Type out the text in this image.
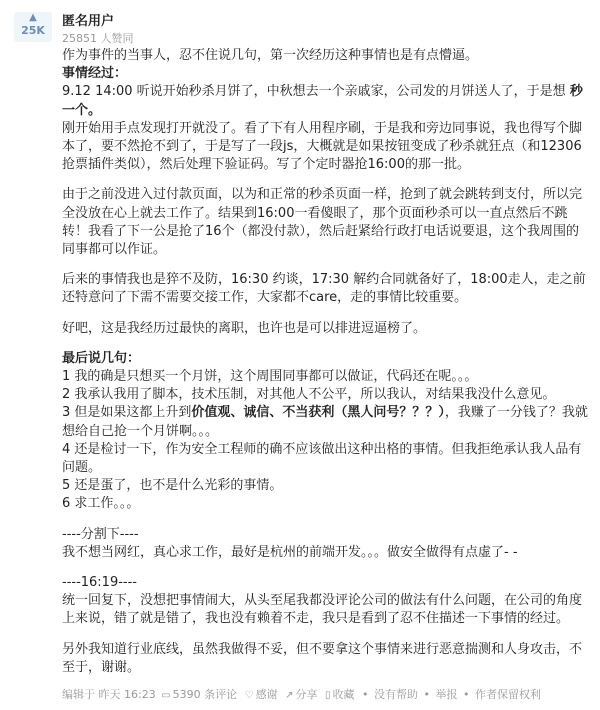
▲
25K
匿名用户
25851 人赞同

作为事件的当事人，忍不住说几句，第一次经历这种事情也是有点懵逼。

事情经过：

9.12 14:00 听说开始秒杀月饼了，中秋想去一个亲戚家，公司发的月饼送人了，于是想 秒一个。
刚开始用手点发现打开就没了。看了下有人用程序刷，于是我和旁边同事说，我也得写个脚本了，要不然抢不到了，于是写了一段js，大概就是如果按钮变成了秒杀就狂点（和12306抢票插件类似），然后处理下验证码。写了个定时器抢16:00的那一批。

由于之前没进入过付款页面，以为和正常的秒杀页面一样，抢到了就会跳转到支付，所以完全没放在心上就去工作了。结果到16:00一看傻眼了，那个页面秒杀可以一直点然后不跳转！我看了下一公是抢了16个（都没付款），然后赶紧给行政打电话说要退，这个我周围的同事都可以作证。

后来的事情我也是猝不及防，16:30 约谈，17:30 解约合同就备好了，18:00走人，走之前还特意问了下需不需要交接工作，大家都不care，走的事情比较重要。

好吧，这是我经历过最快的离职，也许也是可以排进逗逼榜了。

最后说几句：

1 我的确是只想买一个月饼，这个周围同事都可以做证，代码还在呢。。。

2 我承认我用了脚本，技术压制，对其他人不公平，所以我认，对结果我没什么意见。

3 但是如果这都上升到价值观、诚信、不当获利（黑人问号？？？），我赚了一分钱了？我就想给自己抢一个月饼啊。。。

4 还是检讨一下，作为安全工程师的确不应该做出这种出格的事情。但我拒绝承认我人品有问题。

5 还是蛋了，也不是什么光彩的事情。

6 求工作。。。

----分割下----

我不想当网红，真心求工作，最好是杭州的前端开发。。。做安全做得有点虚了- -

----16:19----

统一回复下，没想把事情闹大，从头至尾我都没评论公司的做法有什么问题，在公司的角度上来说，错了就是错了，我也没有赖着不走，我只是看到了忍不住描述一下事情的经过。

另外我知道行业底线，虽然我做得不妥，但不要拿这个事情来进行恶意揣测和人身攻击，不至于，谢谢。

编辑于 昨天 16:23 ▭ 5390 条评论 ♡ 感谢 ↗ 分享 ▯ 收藏 • 没有帮助 • 举报 • 作者保留权利
